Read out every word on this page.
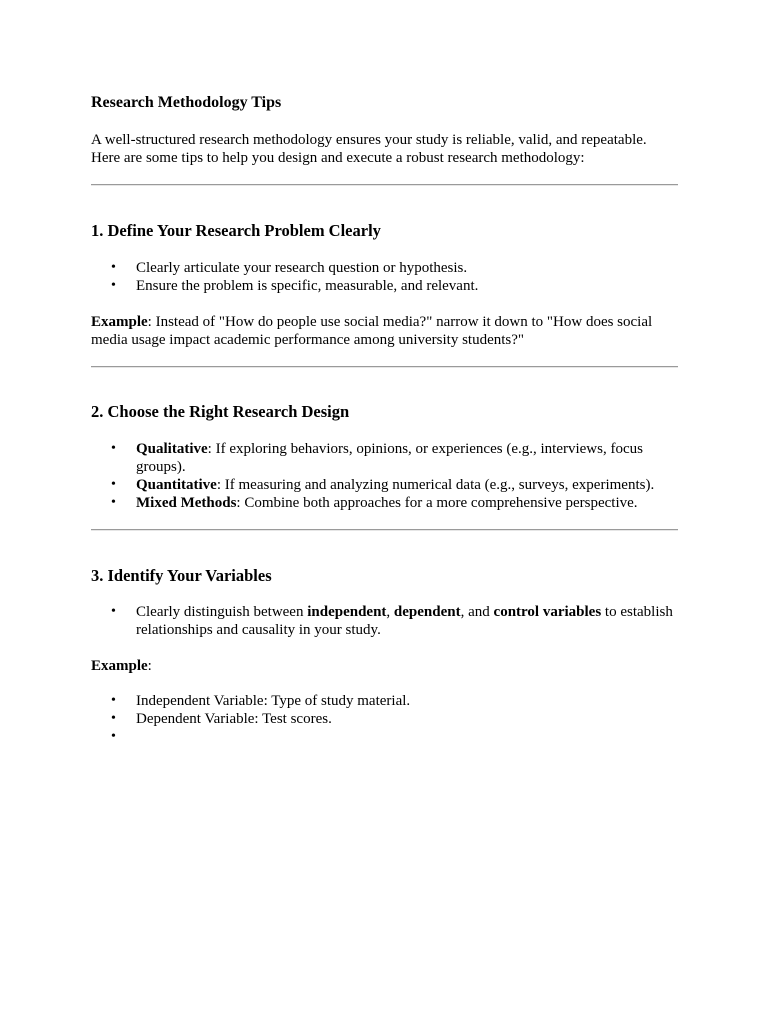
Research Methodology Tips

A well-structured research methodology ensures your study is reliable, valid, and repeatable. Here are some tips to help you design and execute a robust research methodology:

1. Define Your Research Problem Clearly
• Clearly articulate your research question or hypothesis.
• Ensure the problem is specific, measurable, and relevant.

Example: Instead of "How do people use social media?" narrow it down to "How does social media usage impact academic performance among university students?"

2. Choose the Right Research Design
• Qualitative: If exploring behaviors, opinions, or experiences (e.g., interviews, focus groups).
• Quantitative: If measuring and analyzing numerical data (e.g., surveys, experiments).
• Mixed Methods: Combine both approaches for a more comprehensive perspective.
3. Identify Your Variables
• Clearly distinguish between independent, dependent, and control variables to establish relationships and causality in your study.

Example:

• Independent Variable: Type of study material.
• Dependent Variable: Test scores.
•
